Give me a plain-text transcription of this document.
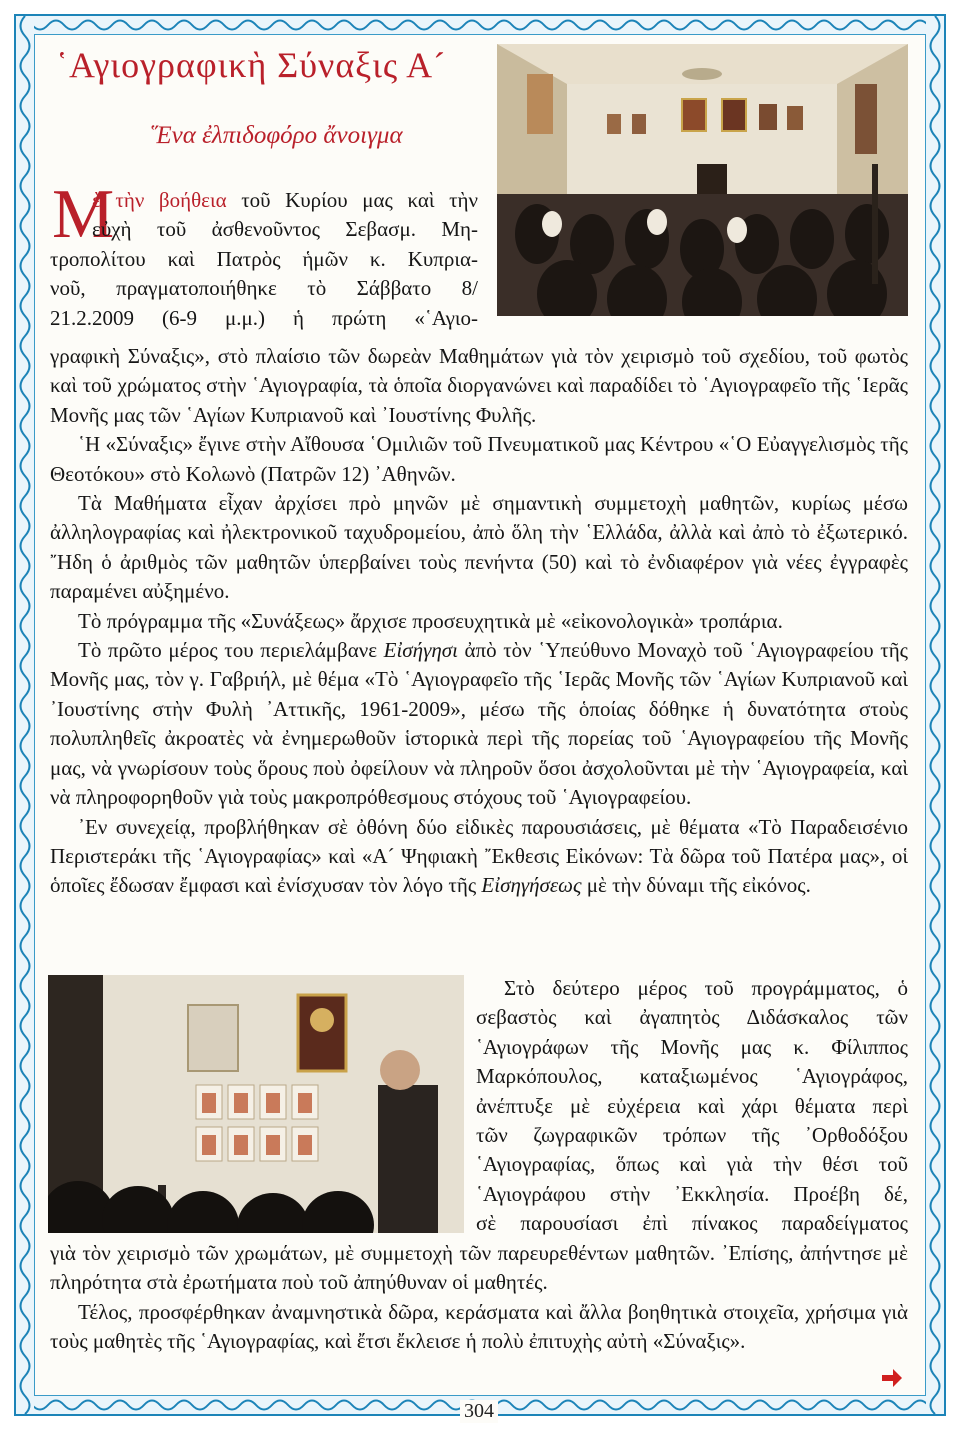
῾Αγιογραφικὴ Σύναξις Α´
῞Ενα ἐλπιδοφόρο ἄνοιγμα
Μ
ὲ τὴν βοήθεια τοῦ Κυρίου μας καὶ τὴν
εὐχὴ τοῦ ἀσθενοῦντος Σεβασμ. Μη-
τροπολίτου καὶ Πατρὸς ἡμῶν κ. Κυπρια-
νοῦ, πραγματοποιήθηκε τὸ Σάββατο 8/
21.2.2009 (6-9 μ.μ.) ἡ πρώτη «῾Αγιο-

γραφικὴ Σύναξις», στὸ πλαίσιο τῶν δωρεὰν Μαθημάτων γιὰ τὸν χειρισμὸ τοῦ σχεδίου, τοῦ φωτὸς καὶ τοῦ χρώματος στὴν ῾Αγιογραφία, τὰ ὁποῖα διοργανώνει καὶ παραδίδει τὸ ῾Αγιογραφεῖο τῆς ῾Ιερᾶς Μονῆς μας τῶν ῾Αγίων Κυπριανοῦ καὶ ᾿Ιουστίνης Φυλῆς.

῾Η «Σύναξις» ἔγινε στὴν Αἴθουσα ῾Ομιλιῶν τοῦ Πνευματικοῦ μας Κέντρου «῾Ο Εὐαγγελισμὸς τῆς Θεοτόκου» στὸ Κολωνὸ (Πατρῶν 12) ᾿Αθηνῶν.

Τὰ Μαθήματα εἶχαν ἀρχίσει πρὸ μηνῶν μὲ σημαντικὴ συμμετοχὴ μαθητῶν, κυρίως μέσω ἀλληλογραφίας καὶ ἠλεκτρονικοῦ ταχυδρομείου, ἀπὸ ὅλη τὴν ῾Ελλάδα, ἀλλὰ καὶ ἀπὸ τὸ ἐξωτερικό. ῎Ηδη ὁ ἀριθμὸς τῶν μαθητῶν ὑπερβαίνει τοὺς πενήντα (50) καὶ τὸ ἐνδιαφέρον γιὰ νέες ἐγγραφὲς παραμένει αὐξημένο.

Τὸ πρόγραμμα τῆς «Συνάξεως» ἄρχισε προσευχητικὰ μὲ «εἰκονολογικὰ» τροπάρια.

Τὸ πρῶτο μέρος του περιελάμβανε Εἰσήγησι ἀπὸ τὸν ῾Υπεύθυνο Μοναχὸ τοῦ ῾Αγιογραφείου τῆς Μονῆς μας, τὸν γ. Γαβριήλ, μὲ θέμα «Τὸ ῾Αγιογραφεῖο τῆς ῾Ιερᾶς Μονῆς τῶν ῾Αγίων Κυπριανοῦ καὶ ᾿Ιουστίνης στὴν Φυλὴ ᾿Αττικῆς, 1961-2009», μέσω τῆς ὁποίας δόθηκε ἡ δυνατότητα στοὺς πολυπληθεῖς ἀκροατὲς νὰ ἐνημερωθοῦν ἱστορικὰ περὶ τῆς πορείας τοῦ ῾Αγιογραφείου τῆς Μονῆς μας, νὰ γνωρίσουν τοὺς ὅρους ποὺ ὀφείλουν νὰ πληροῦν ὅσοι ἀσχολοῦνται μὲ τὴν ῾Αγιογραφεία, καὶ νὰ πληροφορηθοῦν γιὰ τοὺς μακροπρόθεσμους στόχους τοῦ ῾Αγιογραφείου.

᾿Εν συνεχείᾳ, προβλήθηκαν σὲ ὀθόνη δύο εἰδικὲς παρουσιάσεις, μὲ θέματα «Τὸ Παραδεισένιο Περιστεράκι τῆς ῾Αγιογραφίας» καὶ «Α´ Ψηφιακὴ ῎Εκθεσις Εἰκόνων: Τὰ δῶρα τοῦ Πατέρα μας», οἱ ὁποῖες ἔδωσαν ἔμφασι καὶ ἐνίσχυσαν τὸν λόγο τῆς Εἰσηγήσεως μὲ τὴν δύναμι τῆς εἰκόνος.

Στὸ δεύτερο μέρος τοῦ προγράμματος, ὁ
σεβαστὸς καὶ ἀγαπητὸς Διδάσκαλος τῶν
῾Αγιογράφων τῆς Μονῆς μας κ. Φίλιππος
Μαρκόπουλος, καταξιωμένος ῾Αγιογράφος,
ἀνέπτυξε μὲ εὐχέρεια καὶ χάρι θέματα περὶ
τῶν ζωγραφικῶν τρόπων τῆς ᾿Ορθοδόξου
῾Αγιογραφίας, ὅπως καὶ γιὰ τὴν θέσι τοῦ
῾Αγιογράφου στὴν ᾿Εκκλησία. Προέβη δέ,
σὲ παρουσίασι ἐπὶ πίνακος παραδείγματος

γιὰ τὸν χειρισμὸ τῶν χρωμάτων, μὲ συμμετοχὴ τῶν παρευρεθέντων μαθητῶν. ᾿Επίσης, ἀπήντησε μὲ πληρότητα στὰ ἐρωτήματα ποὺ τοῦ ἀπηύθυναν οἱ μαθητές.

Τέλος, προσφέρθηκαν ἀναμνηστικὰ δῶρα, κεράσματα καὶ ἄλλα βοηθητικὰ στοιχεῖα, χρήσιμα γιὰ τοὺς μαθητὲς τῆς ῾Αγιογραφίας, καὶ ἔτσι ἔκλεισε ἡ πολὺ ἐπιτυχὴς αὐτὴ «Σύναξις».

304
